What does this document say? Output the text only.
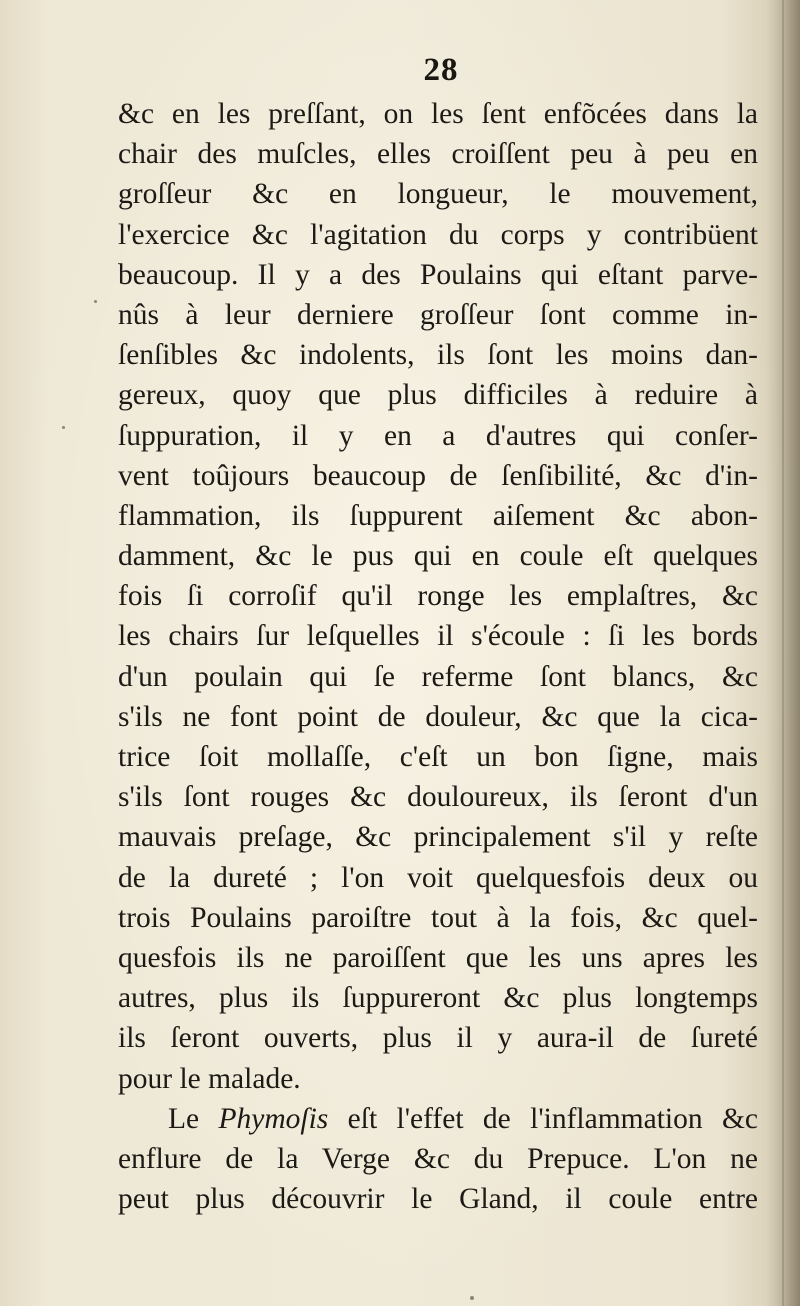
28
&c en les preſſant, on les ſent enfõcées dans la
chair des muſcles, elles croiſſent peu à peu en
groſſeur &c en longueur, le mouvement,
l'exercice &c l'agitation du corps y contribüent
beaucoup. Il y a des Poulains qui eſtant parve-
nûs à leur derniere groſſeur ſont comme in-
ſenſibles &c indolents, ils ſont les moins dan-
gereux, quoy que plus difficiles à reduire à
ſuppuration, il y en a d'autres qui conſer-
vent toûjours beaucoup de ſenſibilité, &c d'in-
flammation, ils ſuppurent aiſement &c abon-
damment, &c le pus qui en coule eſt quelques
fois ſi corroſif qu'il ronge les emplaſtres, &c
les chairs ſur leſquelles il s'écoule : ſi les bords
d'un poulain qui ſe referme ſont blancs, &c
s'ils ne font point de douleur, &c que la cica-
trice ſoit mollaſſe, c'eſt un bon ſigne, mais
s'ils ſont rouges &c douloureux, ils ſeront d'un
mauvais preſage, &c principalement s'il y reſte
de la dureté ; l'on voit quelquesfois deux ou
trois Poulains paroiſtre tout à la fois, &c quel-
quesfois ils ne paroiſſent que les uns apres les
autres, plus ils ſuppureront &c plus longtemps
ils ſeront ouverts, plus il y aura-il de ſureté
pour le malade.
Le Phymoſis eſt l'effet de l'inflammation &c
enflure de la Verge &c du Prepuce. L'on ne
peut plus découvrir le Gland, il coule entre
